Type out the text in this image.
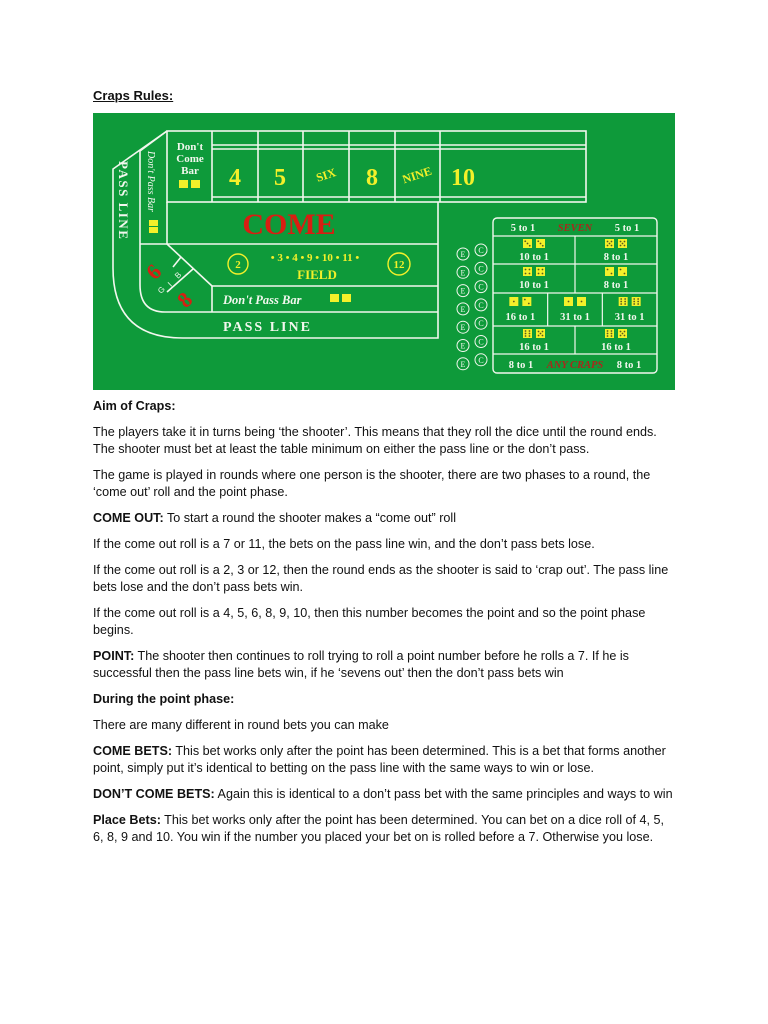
Craps Rules:
PASS LINE Don't Pass Bar
Don't
Come
Bar 4 5 SIX 8 NINE 10
COME
2
• 3 • 4 • 9 • 10 • 11 •
12
FIELD
6
8
B
I
G
Don't Pass Bar
PASS LINE
E C
E C
E C
E C
E C
E C
E C
5 to 1 SEVEN 5 to 1
10 to 1	8 to 1
10 to 1	8 to 1
16 to 1 31 to 1 31 to 1
16 to 1	16 to 1
8 to 1 ANY CRAPS 8 to 1

Aim of Craps:

The players take it in turns being ‘the shooter’. This means that they roll the dice until the round ends. The shooter must bet at least the table minimum on either the pass line or the don’t pass.

The game is played in rounds where one person is the shooter, there are two phases to a round, the ‘come out’ roll and the point phase.

COME OUT: To start a round the shooter makes a “come out” roll

If the come out roll is a 7 or 11, the bets on the pass line win, and the don’t pass bets lose.

If the come out roll is a 2, 3 or 12, then the round ends as the shooter is said to ‘crap out’. The pass line bets lose and the don’t pass bets win.

If the come out roll is a 4, 5, 6, 8, 9, 10, then this number becomes the point and so the point phase begins.

POINT: The shooter then continues to roll trying to roll a point number before he rolls a 7. If he is successful then the pass line bets win, if he ‘sevens out’ then the don’t pass bets win

During the point phase:

There are many different in round bets you can make

COME BETS: This bet works only after the point has been determined. This is a bet that forms another point, simply put it’s identical to betting on the pass line with the same ways to win or lose.

DON’T COME BETS: Again this is identical to a don’t pass bet with the same principles and ways to win

Place Bets: This bet works only after the point has been determined. You can bet on a dice roll of 4, 5, 6, 8, 9 and 10. You win if the number you placed your bet on is rolled before a 7. Otherwise you lose.
